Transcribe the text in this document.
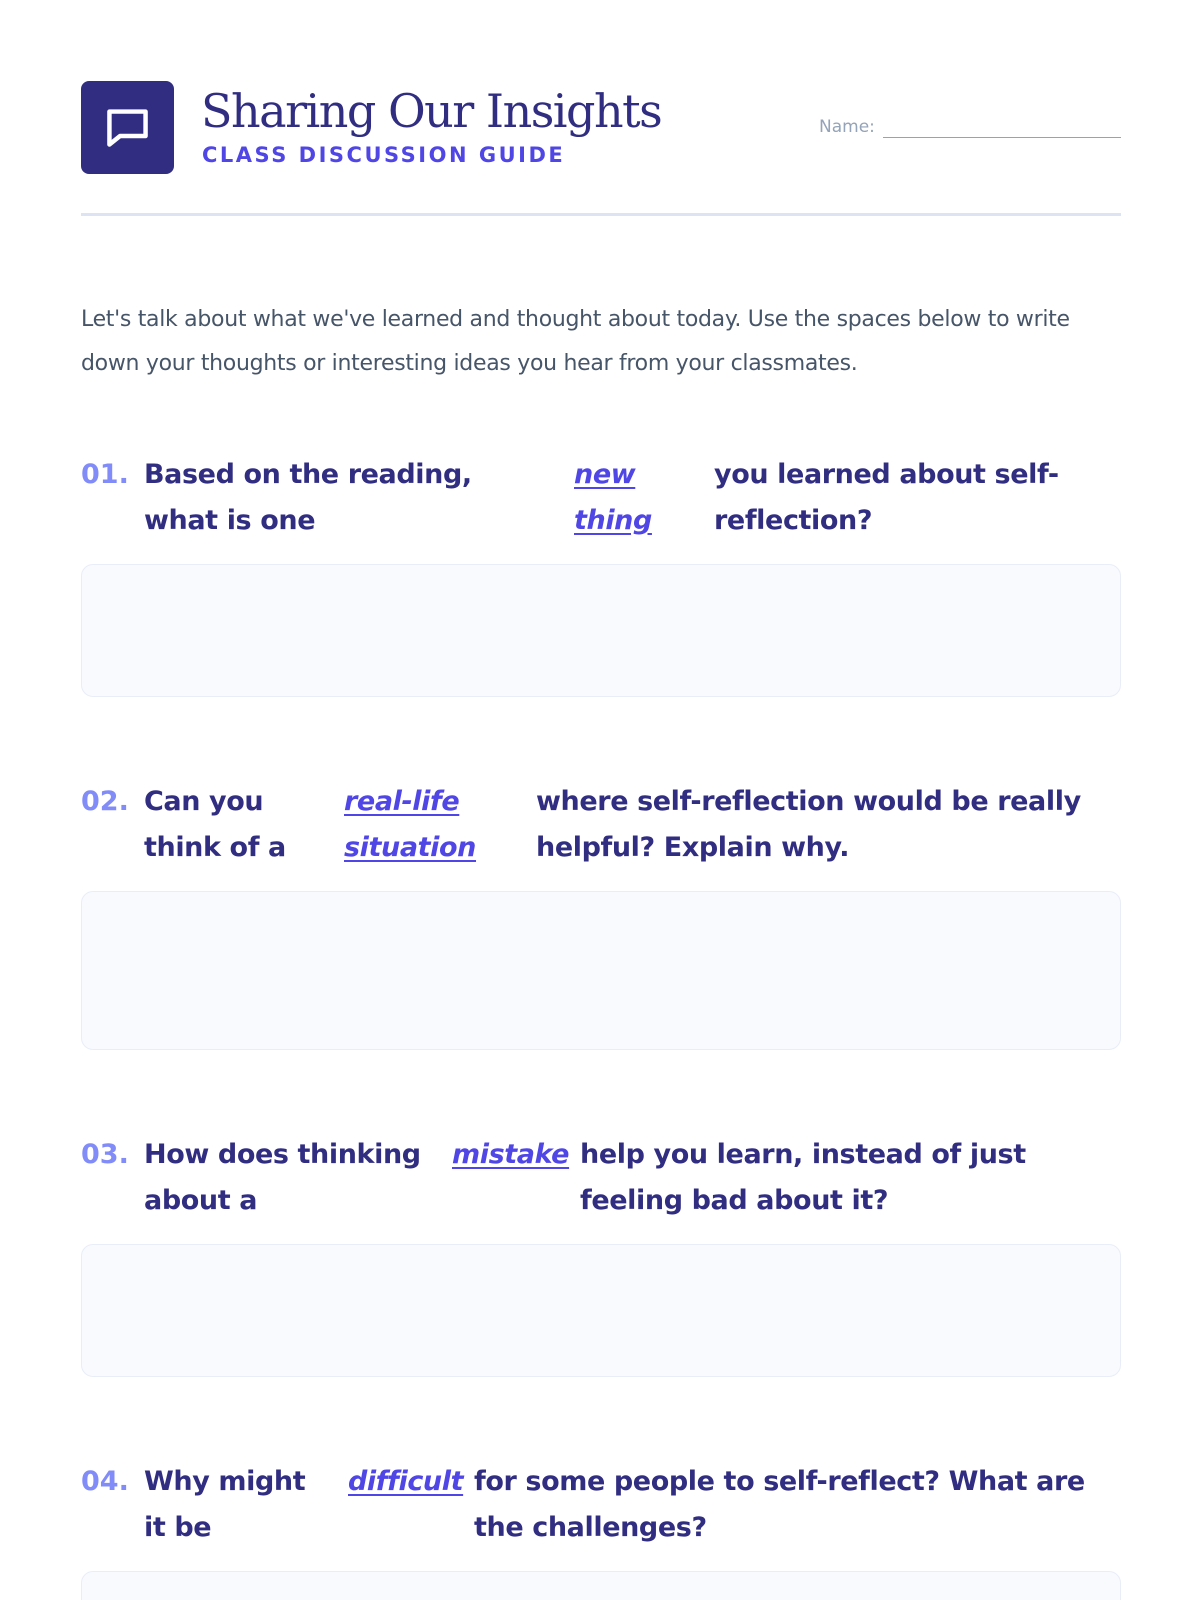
Sharing Our Insights
CLASS DISCUSSION GUIDE
Name:

Let's talk about what we've learned and thought about today. Use the spaces below to write down your thoughts or interesting ideas you hear from your classmates.

01. Based on the reading, what is one
new thing
you learned about self-reflection?
02. Can you think of a
real-life situation
where self-reflection would be really helpful? Explain why.
03. How does thinking about a
mistake help you learn, instead of just feeling bad about it?
04. Why might it be
difficult for some people to self-reflect? What are the challenges?
